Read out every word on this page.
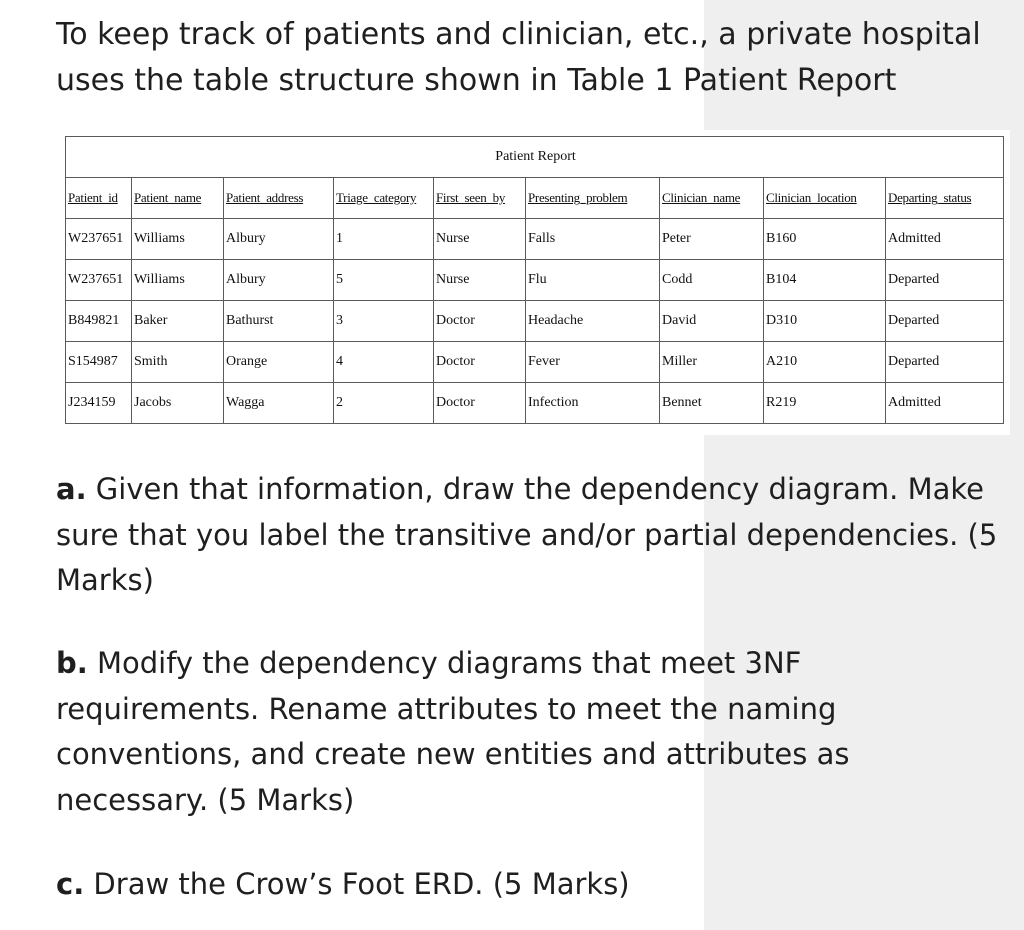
To keep track of patients and clinician, etc., a private hospital uses the table structure shown in Table 1 Patient Report

Patient Report								
Patient_id	Patient_name	Patient_address	Triage_category	First_seen_by	Presenting_problem	Clinician_name	Clinician_location	Departing_status
W237651	Williams	Albury	1	Nurse	Falls	Peter	B160	Admitted
W237651	Williams	Albury	5	Nurse	Flu	Codd	B104	Departed
B849821	Baker	Bathurst	3	Doctor	Headache	David	D310	Departed
S154987	Smith	Orange	4	Doctor	Fever	Miller	A210	Departed
J234159	Jacobs	Wagga	2	Doctor	Infection	Bennet	R219	Admitted

a. Given that information, draw the dependency diagram. Make sure that you label the transitive and/or partial dependencies. (5 Marks)

b. Modify the dependency diagrams that meet 3NF requirements. Rename attributes to meet the naming conventions, and create new entities and attributes as necessary. (5 Marks)

c. Draw the Crow’s Foot ERD. (5 Marks)
